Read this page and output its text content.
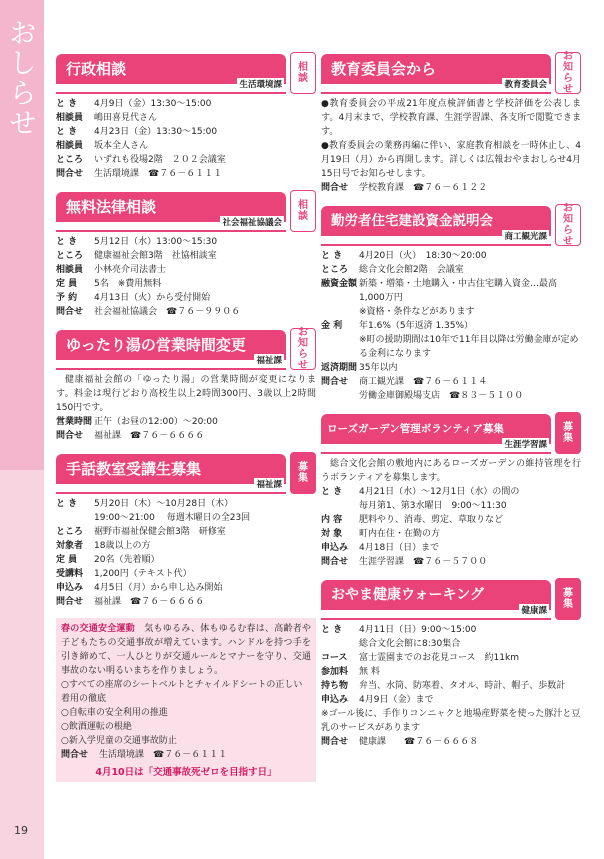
おしらせ
19
行政相談
生活環境課
相
談
と き	4月9日（金）13:30～15:00
相談員	嶋田喜見代さん
と き	4月23日（金）13:30～15:00
相談員	坂本全人さん
ところ	いずれも役場2階　２０２会議室
問合せ	生活環境課　☎７６－６１１１
無料法律相談
社会福祉協議会
相
談
と き	5月12日（水）13:00～15:30
ところ	健康福祉会館3階　社協相談室
相談員	小林亮介司法書士
定 員	5名　※費用無料
予 約	4月13日（火）から受付開始
問合せ	社会福祉協議会　☎７６－９９０６
ゆったり湯の営業時間変更
福祉課
お
知
ら
せ
健康福祉会館の「ゆったり湯」の営業時間が変更になります。料金は現行どおり高校生以上2時間300円、3歳以上2時間150円です。
営業時間 正午（お昼の12:00）～20:00
問合せ	福祉課　☎７６－６６６６
手話教室受講生募集
福祉課
募
集
と き	5月20日（木）～10月28日（木）
19:00～21:00　 毎週木曜日の全23回
ところ	裾野市福祉保健会館3階　研修室
対象者	18歳以上の方
定 員	20名（先着順）
受講料	1,200円（テキスト代）
申込み	4月5日（月）から申し込み開始
問合せ	福祉課　☎７６－６６６６
春の交通安全運動　 気もゆるみ、体もゆるむ春は、高齢者や子どもたちの交通事故が増えています。ハンドルを持つ手を引き締めて、一人ひとりが交通ルールとマナーを守り、交通事故のない明るいまちを作りましょう。
○すべての座席のシートベルトとチャイルドシートの正しい着用の徹底
○自転車の安全利用の推進
○飲酒運転の根絶
○新入学児童の交通事故防止
問合せ	生活環境課　☎７６－６１１１
4月10日は「交通事故死ゼロを目指す日」
教育委員会から
教育委員会
お
知
ら
せ
●教育委員会の平成21年度点検評価書と学校評価を公表します。4月末まで、学校教育課、生涯学習課、各支所で閲覧できます。
●教育委員会の業務再編に伴い、家庭教育相談を一時休止し、4月19日（月）から再開します。詳しくは広報おやまおしらせ4月15日号でお知らせします。
問合せ	学校教育課　☎７６－６１２２
勤労者住宅建設資金説明会
商工観光課
お
知
ら
せ
と き	4月20日（火）　18:30～20:00
ところ	総合文化会館2階　会議室
融資金額 新築・増築・土地購入・中古住宅購入資金…最高1,000万円
※資格・条件などがあります
金 利	年1.6%（5年返済 1.35%）
※町の援助期間は10年で11年目以降は労働金庫が定める金利になります
返済期間 35年以内
問合せ	商工観光課　☎７６－６１１４
労働金庫御殿場支店　☎８３－５１００
ローズガーデン管理ボランティア募集
生涯学習課
募
集
総合文化会館の敷地内にあるローズガーデンの維持管理を行うボランティアを募集します。
と き	4月21日（水）～12月1日（水）の間の
毎月第1、第3水曜日　9:00～11:30
内 容	肥料やり、消毒、剪定、草取りなど
対 象	町内在住・在勤の方
申込み	4月18日（日）まで
問合せ	生涯学習課　☎７６－５７００
おやま健康ウォーキング
健康課
募
集
と き	4月11日（日）9:00～15:00
総合文化会館に8:30集合
コース	富士霊園までのお花見コース　約11km
参加料	無 料
持ち物	弁当、水筒、防寒着、タオル、時計、帽子、歩数計
申込み	4月9日（金）まで
※ゴール後に、手作りコンニャクと地場産野菜を使った豚汁と豆乳のサービスがあります
問合せ	健康課　　☎７６－６６６８
